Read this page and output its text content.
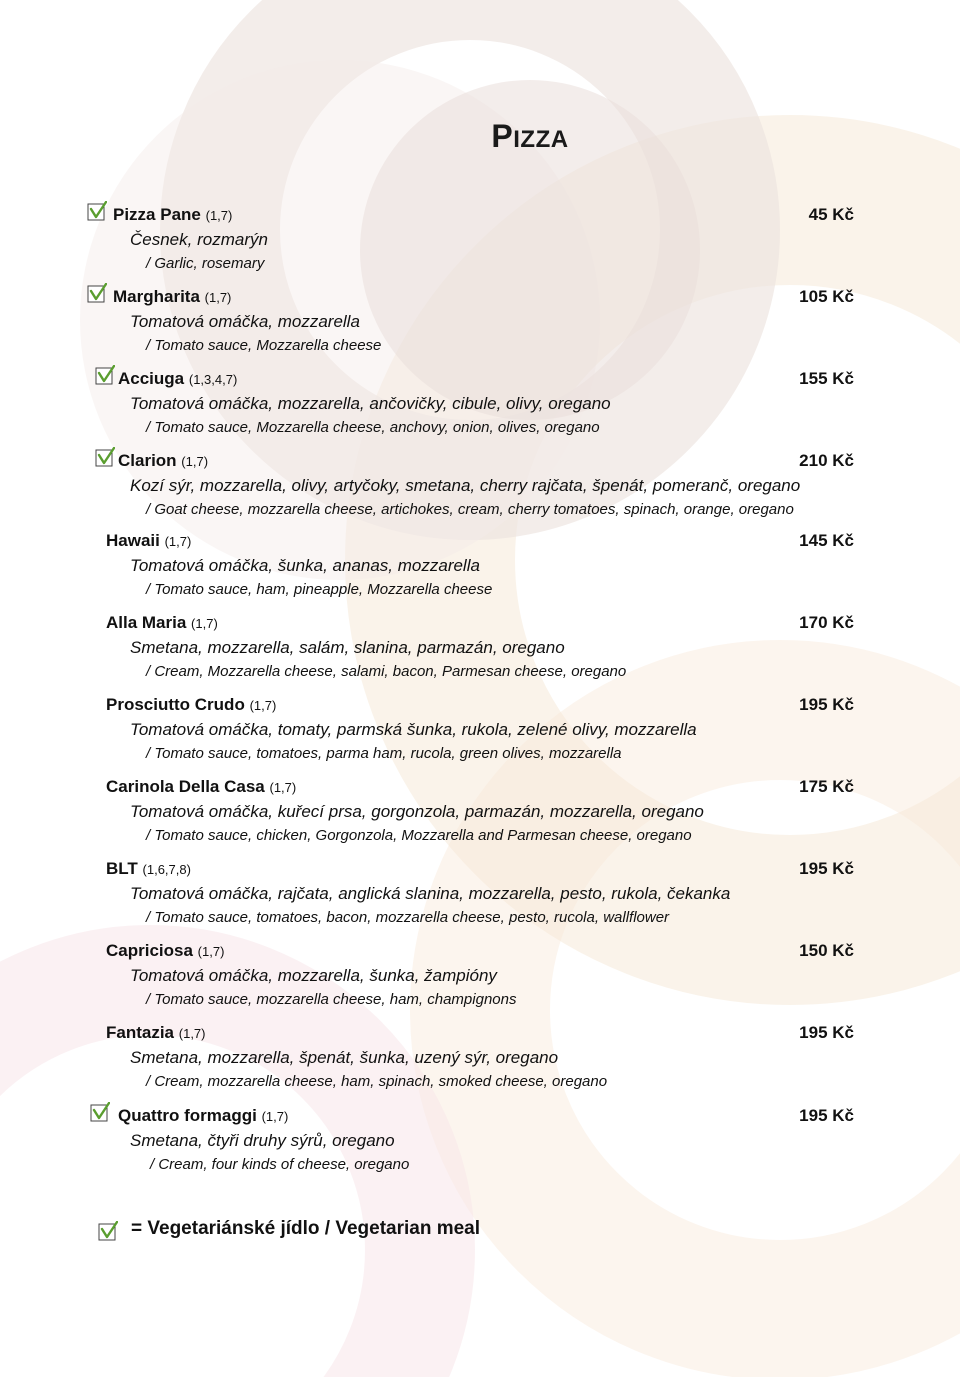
PIZZA
Pizza Pane (1,7)	45 Kč
Česnek, rozmarýn
/ Garlic, rosemary
Margharita (1,7)	105 Kč
Tomatová omáčka, mozzarella
/ Tomato sauce, Mozzarella cheese
Acciuga (1,3,4,7)	155 Kč
Tomatová omáčka, mozzarella, ančovičky, cibule, olivy, oregano
/ Tomato sauce, Mozzarella cheese, anchovy, onion, olives, oregano
Clarion (1,7)	210 Kč
Kozí sýr, mozzarella, olivy, artyčoky, smetana, cherry rajčata, špenát, pomeranč, oregano
/ Goat cheese, mozzarella cheese, artichokes, cream, cherry tomatoes, spinach, orange, oregano
Hawaii (1,7)	145 Kč
Tomatová omáčka, šunka, ananas, mozzarella
/ Tomato sauce, ham, pineapple, Mozzarella cheese
Alla Maria (1,7)	170 Kč
Smetana, mozzarella, salám, slanina, parmazán, oregano
/ Cream, Mozzarella cheese, salami, bacon, Parmesan cheese, oregano
Prosciutto Crudo (1,7)	195 Kč
Tomatová omáčka, tomaty, parmská šunka, rukola, zelené olivy, mozzarella
/ Tomato sauce, tomatoes, parma ham, rucola, green olives, mozzarella
Carinola Della Casa (1,7)	175 Kč
Tomatová omáčka, kuřecí prsa, gorgonzola, parmazán, mozzarella, oregano
/ Tomato sauce, chicken, Gorgonzola, Mozzarella and Parmesan cheese, oregano
BLT (1,6,7,8)	195 Kč
Tomatová omáčka, rajčata, anglická slanina, mozzarella, pesto, rukola, čekanka
/ Tomato sauce, tomatoes, bacon, mozzarella cheese, pesto, rucola, wallflower
Capriciosa (1,7)	150 Kč
Tomatová omáčka, mozzarella, šunka, žampióny
/ Tomato sauce, mozzarella cheese, ham, champignons
Fantazia (1,7)	195 Kč
Smetana, mozzarella, špenát, šunka, uzený sýr, oregano
/ Cream, mozzarella cheese, ham, spinach, smoked cheese, oregano
Quattro formaggi (1,7)	195 Kč
Smetana, čtyři druhy sýrů, oregano
/ Cream, four kinds of cheese, oregano
= Vegetariánské jídlo / Vegetarian meal
